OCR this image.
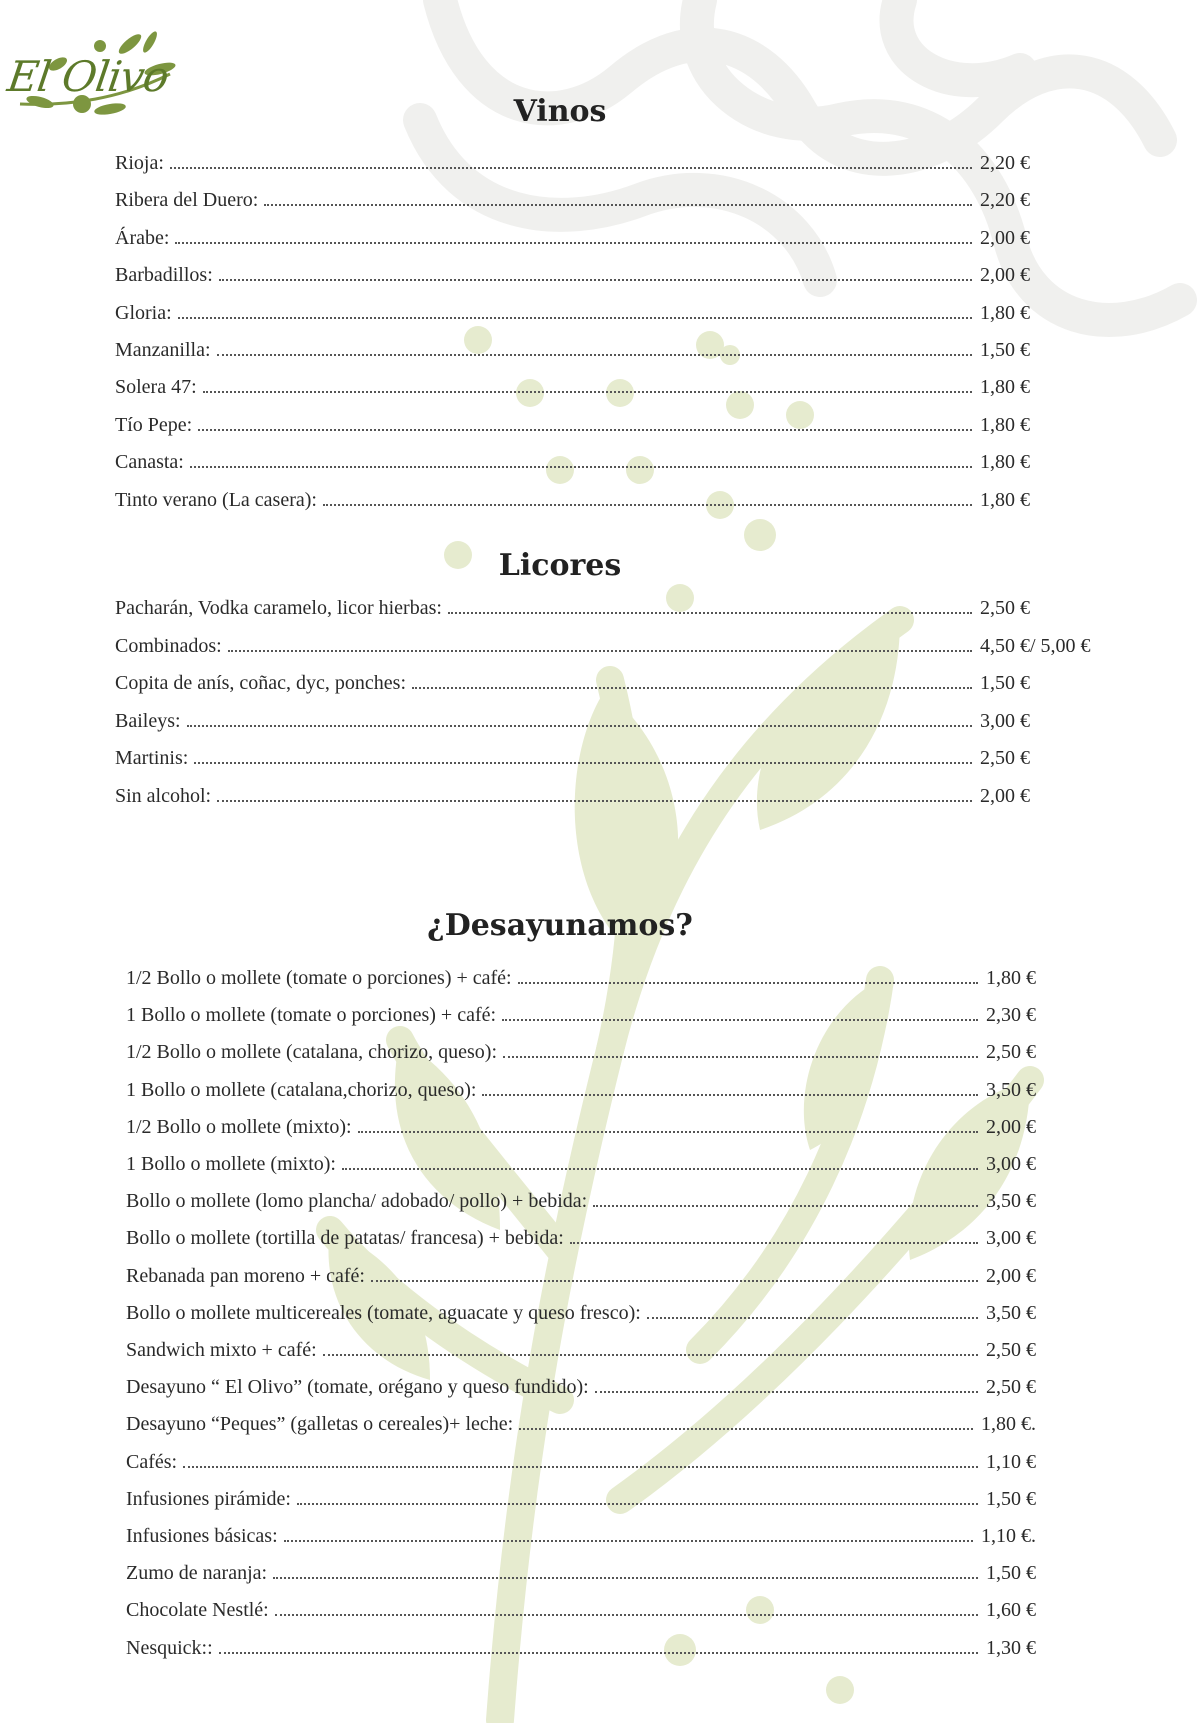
El Olivo
Vinos
Rioja:	2,20 €
Ribera del Duero:	2,20 €
Árabe:	2,00 €
Barbadillos:	2,00 €
Gloria:	1,80 €
Manzanilla:	1,50 €
Solera 47:	1,80 €
Tío Pepe:	1,80 €
Canasta:	1,80 €
Tinto verano (La casera):	1,80 €
Licores
Pacharán, Vodka caramelo, licor hierbas:	2,50 €
Combinados:	4,50 €/ 5,00 €
Copita de anís, coñac, dyc, ponches:	1,50 €
Baileys:	3,00 €
Martinis:	2,50 €
Sin alcohol:	2,00 €
¿Desayunamos?
1/2 Bollo o mollete (tomate o porciones) + café:	1,80 €
1 Bollo o mollete (tomate o porciones) + café:	2,30 €
1/2 Bollo o mollete (catalana, chorizo, queso):	2,50 €
1 Bollo o mollete (catalana,chorizo, queso):	3,50 €
1/2 Bollo o mollete (mixto):	2,00 €
1 Bollo o mollete (mixto):	3,00 €
Bollo o mollete (lomo plancha/ adobado/ pollo) + bebida:	3,50 €
Bollo o mollete (tortilla de patatas/ francesa) + bebida:	3,00 €
Rebanada pan moreno + café:	2,00 €
Bollo o mollete multicereales (tomate, aguacate y queso fresco):	3,50 €
Sandwich mixto + café:	2,50 €
Desayuno “ El Olivo” (tomate, orégano y queso fundido):	2,50 €
Desayuno “Peques” (galletas o cereales)+ leche:	1,80 €.
Cafés:	1,10 €
Infusiones pirámide:	1,50 €
Infusiones básicas:	1,10 €.
Zumo de naranja:	1,50 €
Chocolate Nestlé:	1,60 €
Nesquick::	1,30 €
